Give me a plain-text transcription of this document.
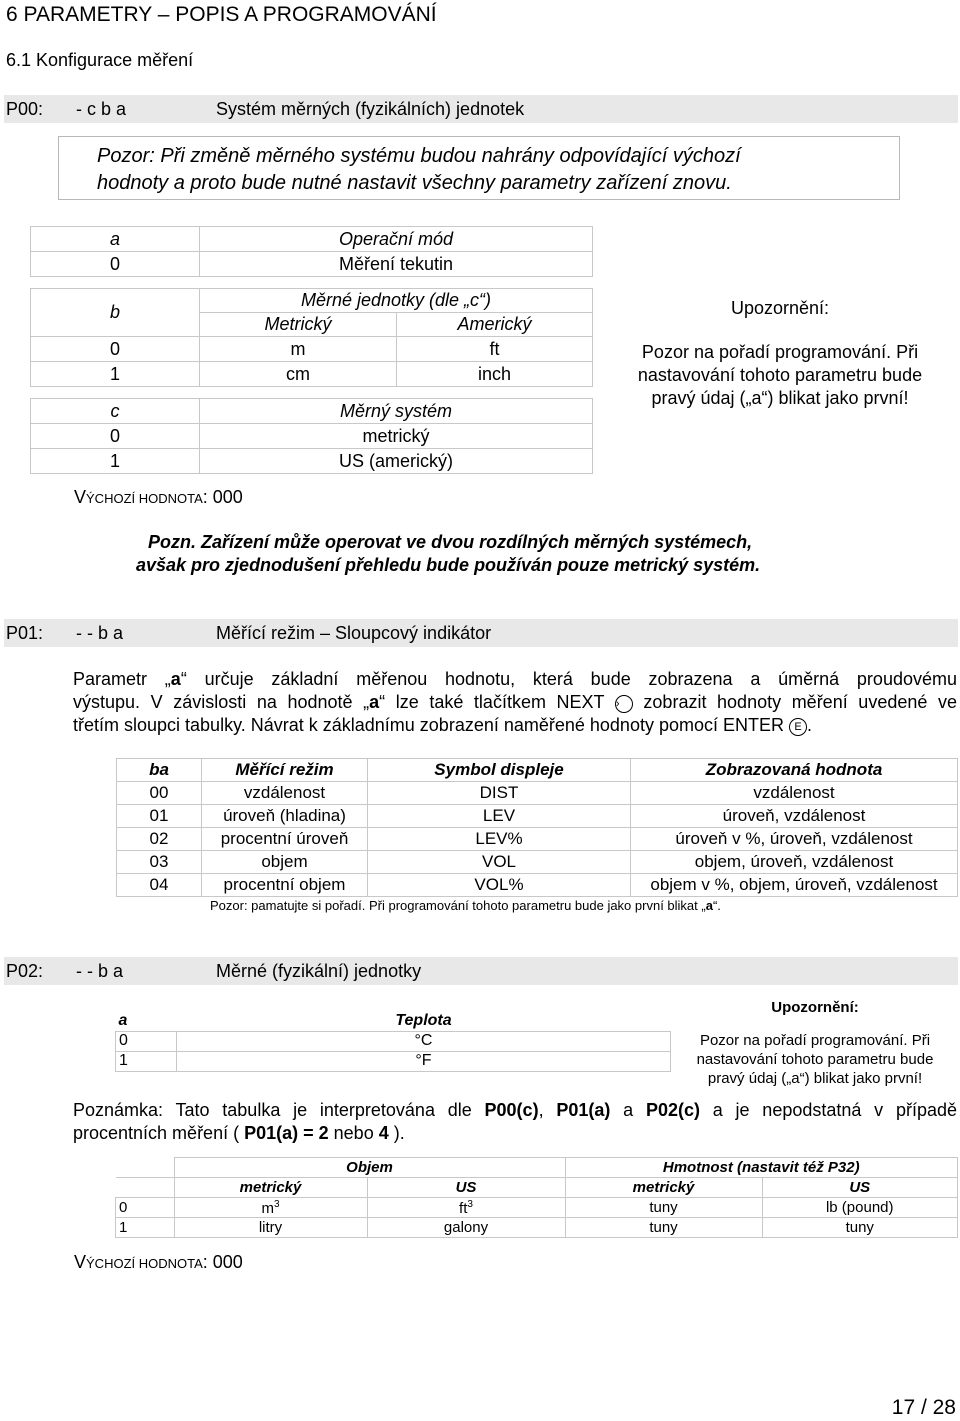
6 PARAMETRY – POPIS A PROGRAMOVÁNÍ
6.1 Konfigurace měření
P00: - c b a	Systém měrných (fyzikálních) jednotek
Pozor: Při změně měrného systému budou nahrány odpovídající výchozí
hodnoty a proto bude nutné nastavit všechny parametry zařízení znovu.
a	Operační mód
0	Měření tekutin
b	Měrné jednotky (dle „c“)	
	Metrický	Americký
0	m	ft
1	cm	inch
c	Měrný systém
0	metrický
1	US (americký)
Upozornění:
Pozor na pořadí programování. Při
nastavování tohoto parametru bude
pravý údaj („a“) blikat jako první!
VÝCHOZÍ HODNOTA: 000
Pozn. Zařízení může operovat ve dvou rozdílných měrných systémech,
avšak pro zjednodušení přehledu bude používán pouze metrický systém.
P01: - - b a	Měřící režim – Sloupcový indikátor
Parametr „a“ určuje základní měřenou hodnotu, která bude zobrazena a úměrná proudovému
výstupu. V závislosti na hodnotě „a“ lze také tlačítkem NEXT › zobrazit hodnoty měření uvedené ve
třetím sloupci tabulky. Návrat k základnímu zobrazení naměřené hodnoty pomocí ENTER E .
ba	Měřící režim	Symbol displeje	Zobrazovaná hodnota
00	vzdálenost	DIST	vzdálenost
01	úroveň (hladina)	LEV	úroveň, vzdálenost
02	procentní úroveň	LEV%	úroveň v %, úroveň, vzdálenost
03	objem	VOL	objem, úroveň, vzdálenost
04	procentní objem	VOL%	objem v %, objem, úroveň, vzdálenost
Pozor: pamatujte si pořadí. Při programování tohoto parametru bude jako první blikat „a“.
P02: - - b a	Měrné (fyzikální) jednotky
a	Teplota
0	°C
1	°F
Upozornění:
Pozor na pořadí programování. Při
nastavování tohoto parametru bude
pravý údaj („a“) blikat jako první!
Poznámka: Tato tabulka je interpretována dle P00(c), P01(a) a P02(c) a je nepodstatná v případě
procentních měření ( P01(a) = 2 nebo 4 ).
	Objem		Hmotnost (nastavit též P32)	
	metrický	US	metrický	US
0	$m^3$	$ft^3$	tuny	lb (pound)
1	litry	galony	tuny	tuny
VÝCHOZÍ HODNOTA: 000
17 / 28
